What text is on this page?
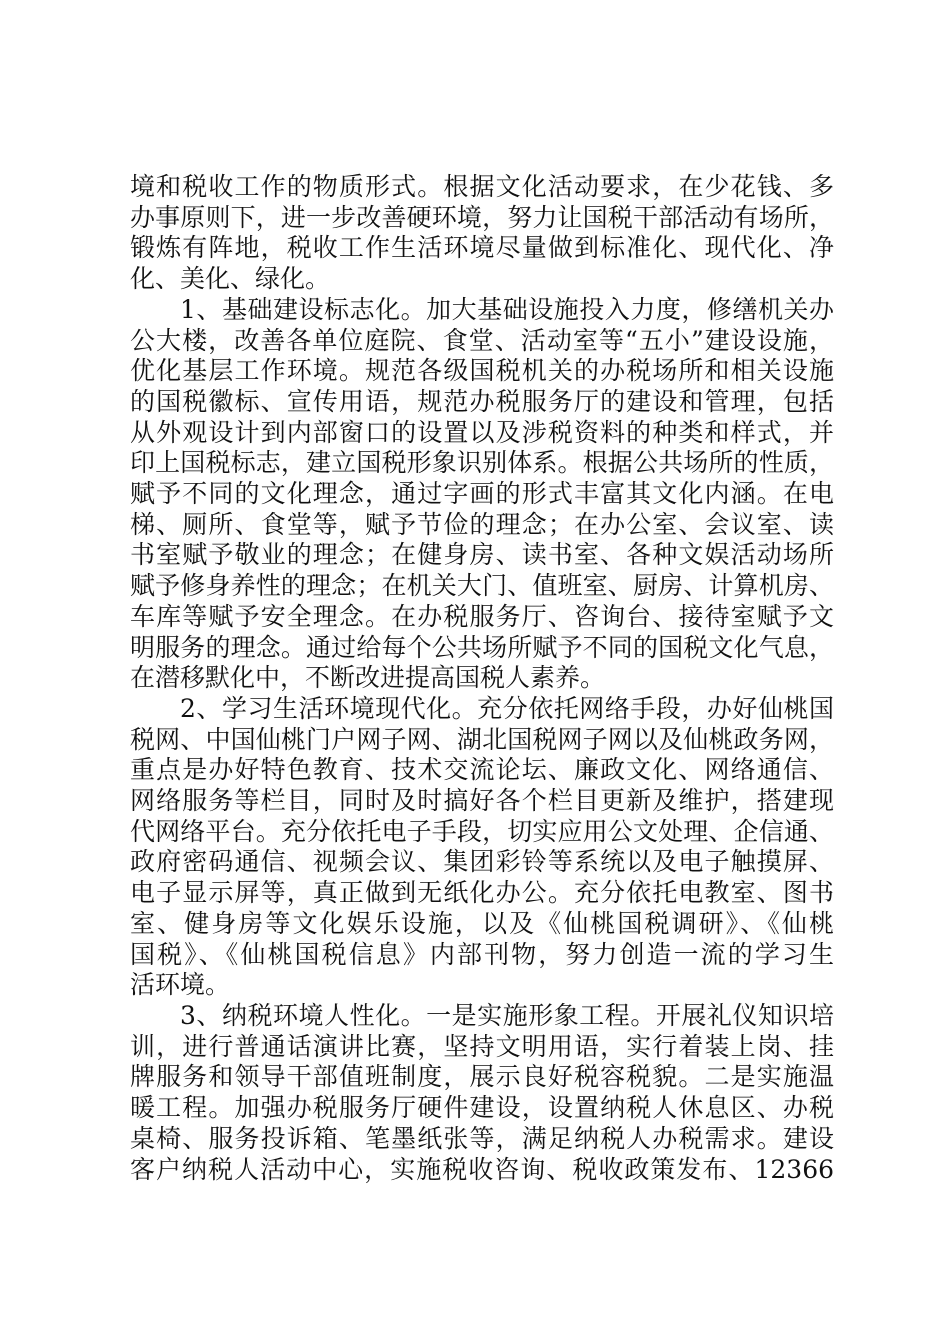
境和税收工作的物质形式。根据文化活动要求，在少花钱、多
办事原则下，进一步改善硬环境，努力让国税干部活动有场所，
锻炼有阵地，税收工作生活环境尽量做到标准化、现代化、净
化、美化、绿化。
1、基础建设标志化。加大基础设施投入力度，修缮机关办
公大楼，改善各单位庭院、食堂、活动室等“五小”建设设施，
优化基层工作环境。规范各级国税机关的办税场所和相关设施
的国税徽标、宣传用语，规范办税服务厅的建设和管理，包括
从外观设计到内部窗口的设置以及涉税资料的种类和样式，并
印上国税标志，建立国税形象识别体系。根据公共场所的性质，
赋予不同的文化理念，通过字画的形式丰富其文化内涵。在电
梯、厕所、食堂等，赋予节俭的理念；在办公室、会议室、读
书室赋予敬业的理念；在健身房、读书室、各种文娱活动场所
赋予修身养性的理念；在机关大门、值班室、厨房、计算机房、
车库等赋予安全理念。在办税服务厅、咨询台、接待室赋予文
明服务的理念。通过给每个公共场所赋予不同的国税文化气息，
在潜移默化中，不断改进提高国税人素养。
2、学习生活环境现代化。充分依托网络手段，办好仙桃国
税网、中国仙桃门户网子网、湖北国税网子网以及仙桃政务网，
重点是办好特色教育、技术交流论坛、廉政文化、网络通信、
网络服务等栏目，同时及时搞好各个栏目更新及维护，搭建现
代网络平台。充分依托电子手段，切实应用公文处理、企信通、
政府密码通信、视频会议、集团彩铃等系统以及电子触摸屏、
电子显示屏等，真正做到无纸化办公。充分依托电教室、图书
室、健身房等文化娱乐设施，以及《仙桃国税调研》、《仙桃
国税》、《仙桃国税信息》内部刊物，努力创造一流的学习生
活环境。
3、纳税环境人性化。一是实施形象工程。开展礼仪知识培
训，进行普通话演讲比赛，坚持文明用语，实行着装上岗、挂
牌服务和领导干部值班制度，展示良好税容税貌。二是实施温
暖工程。加强办税服务厅硬件建设，设置纳税人休息区、办税
桌椅、服务投诉箱、笔墨纸张等，满足纳税人办税需求。建设
客户纳税人活动中心，实施税收咨询、税收政策发布、12366
